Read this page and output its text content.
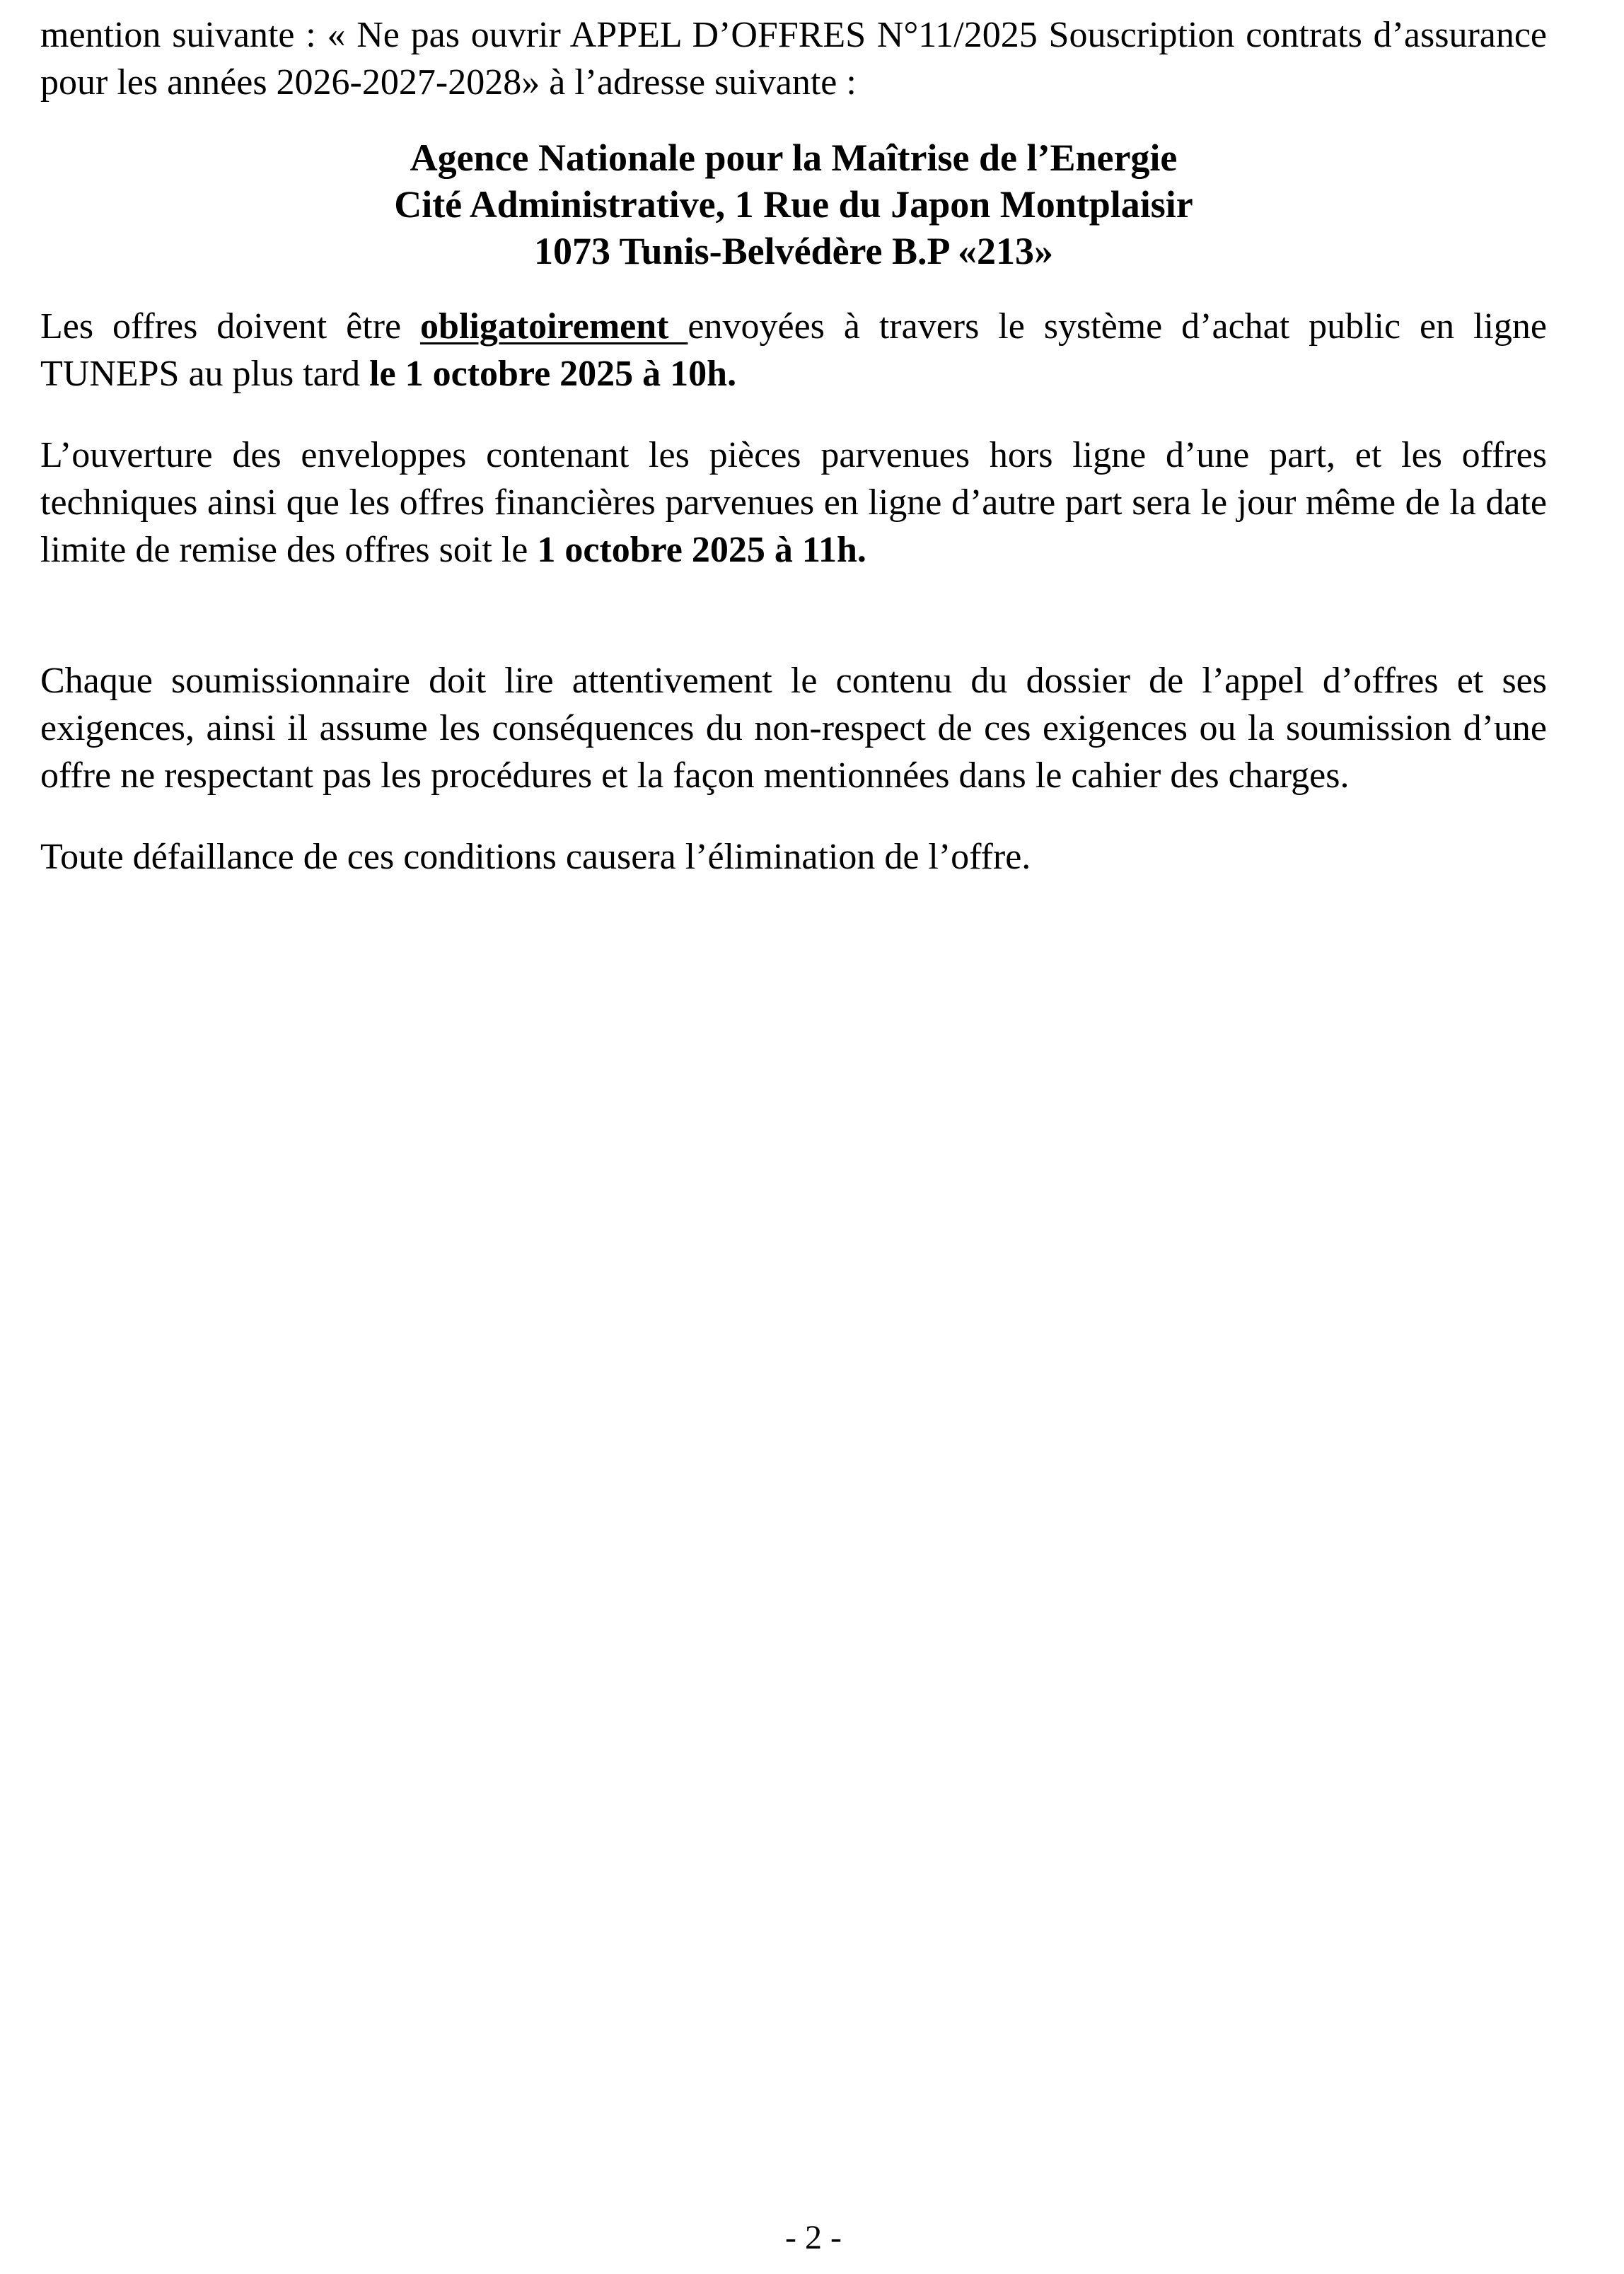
mention suivante : « Ne pas ouvrir APPEL D’OFFRES N°11/2025 Souscription contrats d’assurance pour les années 2026-2027-2028» à l’adresse suivante :

Agence Nationale pour la Maîtrise de l’Energie
Cité Administrative, 1 Rue du Japon Montplaisir
1073 Tunis-Belvédère B.P «213»

Les offres doivent être obligatoirement envoyées à travers le système d’achat public en ligne TUNEPS au plus tard le 1 octobre 2025 à 10h.

L’ouverture des enveloppes contenant les pièces parvenues hors ligne d’une part, et les offres techniques ainsi que les offres financières parvenues en ligne d’autre part sera le jour même de la date limite de remise des offres soit le 1 octobre 2025 à 11h.

Chaque soumissionnaire doit lire attentivement le contenu du dossier de l’appel d’offres et ses exigences, ainsi il assume les conséquences du non-respect de ces exigences ou la soumission d’une offre ne respectant pas les procédures et la façon mentionnées dans le cahier des charges.

Toute défaillance de ces conditions causera l’élimination de l’offre.

- 2 -
